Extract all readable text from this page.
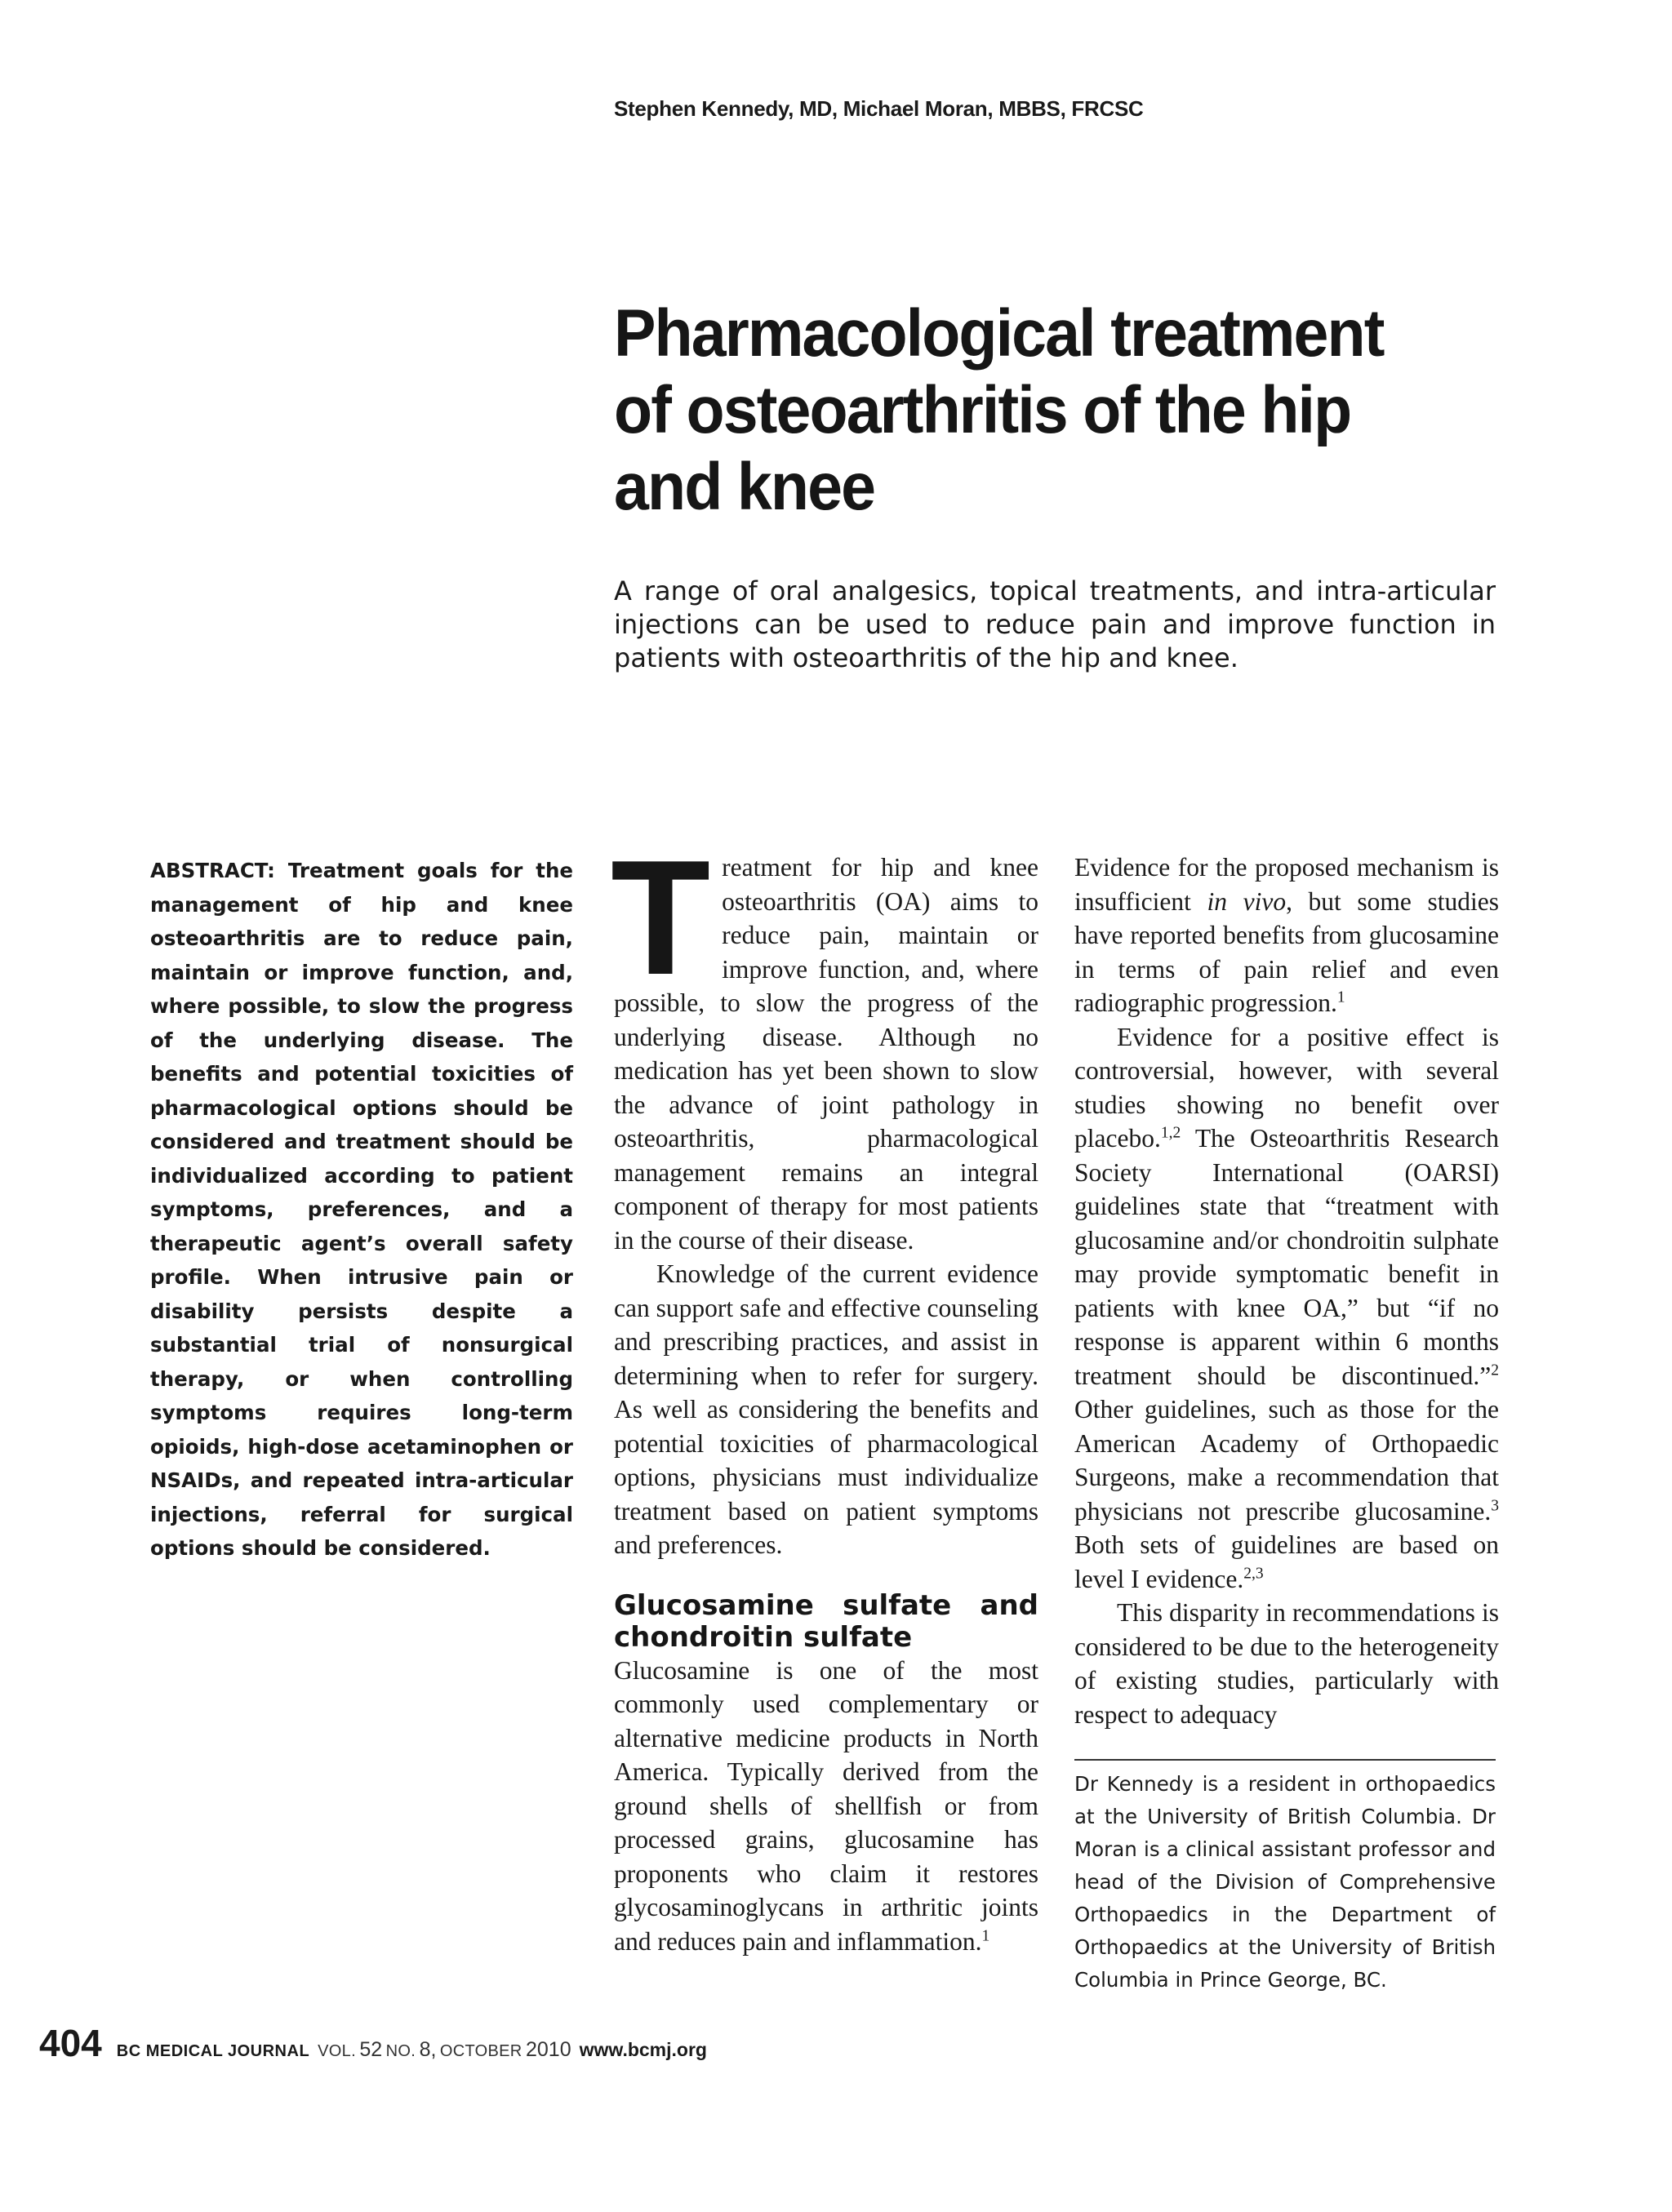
Stephen Kennedy, MD, Michael Moran, MBBS, FRCSC
Pharmacological treatment
of osteoarthritis of the hip
and knee

A range of oral analgesics, topical treatments, and intra-articular injections can be used to reduce pain and improve function in patients with osteoarthritis of the hip and knee.

ABSTRACT: Treatment goals for the management of hip and knee osteoarthritis are to reduce pain, maintain or improve function, and, where possible, to slow the progress of the underlying disease. The benefits and potential toxicities of pharmacological options should be considered and treatment should be individualized according to patient symptoms, preferences, and a therapeutic agent’s overall safety profile. When intrusive pain or disability persists despite a substantial trial of nonsurgical therapy, or when controlling symptoms requires long-term opioids, high-dose acetaminophen or NSAIDs, and repeated intra-articular injections, referral for surgical options should be considered.

Treatment for hip and knee osteoarthritis (OA) aims to reduce pain, maintain or improve function, and, where possible, to slow the progress of the underlying disease. Although no medication has yet been shown to slow the advance of joint pathology in osteoarthritis, pharmacological management remains an integral component of therapy for most patients in the course of their disease.

Knowledge of the current evidence can support safe and effective counseling and prescribing practices, and assist in determining when to refer for surgery. As well as considering the benefits and potential toxicities of pharmacological options, physicians must individualize treatment based on patient symptoms and preferences.

Glucosamine sulfate and chondroitin sulfate

Glucosamine is one of the most commonly used complementary or alternative medicine products in North America. Typically derived from the ground shells of shellfish or from processed grains, glucosamine has proponents who claim it restores glycosaminoglycans in arthritic joints and reduces pain and inflammation.$^1$

Evidence for the proposed mechanism is insufficient in vivo, but some studies have reported benefits from glucosamine in terms of pain relief and even radiographic progression.$^1$

Evidence for a positive effect is controversial, however, with several studies showing no benefit over placebo.$^{1,2}$ The Osteoarthritis Research Society International (OARSI) guidelines state that “treatment with glucosamine and/or chondroitin sulphate may provide symptomatic benefit in patients with knee OA,” but “if no response is apparent within 6 months treatment should be discontinued.”$^2$ Other guidelines, such as those for the American Academy of Orthopaedic Surgeons, make a recommendation that physicians not prescribe glucosamine.$^3$ Both sets of guidelines are based on level I evidence.$^{2,3}$

This disparity in recommendations is considered to be due to the heterogeneity of existing studies, particularly with respect to adequacy

Dr Kennedy is a resident in orthopaedics at the University of British Columbia. Dr Moran is a clinical assistant professor and head of the Division of Comprehensive Orthopaedics in the Department of Orthopaedics at the University of British Columbia in Prince George, BC.

404 BC MEDICAL JOURNAL VOL.
52
NO.
8,
OCTOBER
2010 www.bcmj.org
